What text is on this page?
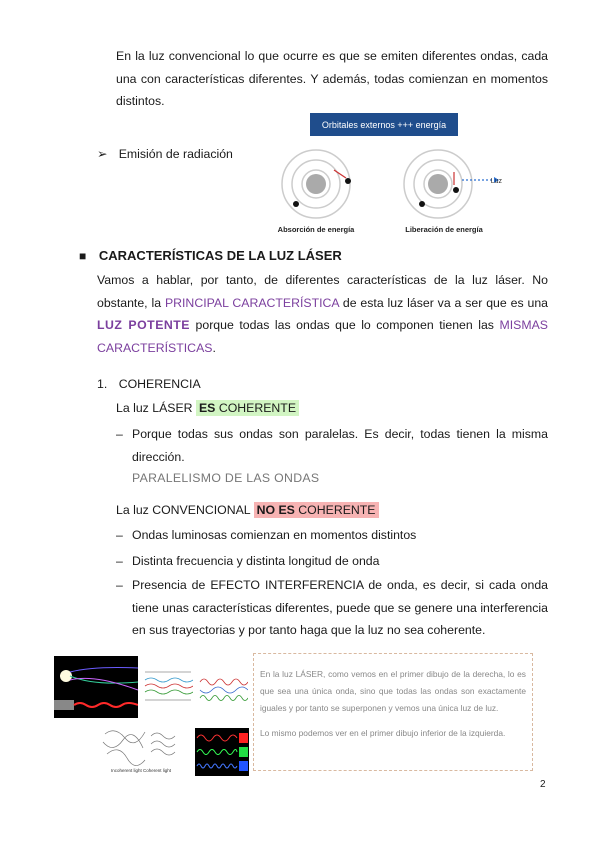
En la luz convencional lo que ocurre es que se emiten diferentes ondas, cada una con características diferentes. Y además, todas comienzan en momentos distintos.
➢ Emisión de radiación
Orbitales externos +++ energía
Luz
Absorción de energía	Liberación de energía
■ CARACTERÍSTICAS DE LA LUZ LÁSER
Vamos a hablar, por tanto, de diferentes características de la luz láser. No obstante, la PRINCIPAL CARACTERÍSTICA de esta luz láser va a ser que es una LUZ POTENTE porque todas las ondas que lo componen tienen las MISMAS CARACTERÍSTICAS.
1. COHERENCIA
La luz LÁSER ES COHERENTE
– Porque todas sus ondas son paralelas. Es decir, todas tienen la misma dirección.
PARALELISMO DE LAS ONDAS
La luz CONVENCIONAL NO ES COHERENTE
– Ondas luminosas comienzan en momentos distintos
– Distinta frecuencia y distinta longitud de onda
– Presencia de EFECTO INTERFERENCIA de onda, es decir, si cada onda tiene unas características diferentes, puede que se genere una interferencia en sus trayectorias y por tanto haga que la luz no sea coherente.
Incoherent light Coherent light
En la luz LÁSER, como vemos en el primer dibujo de la derecha, lo es que sea una única onda, sino que todas las ondas son exactamente iguales y por tanto se superponen y vemos una única luz de luz.
Lo mismo podemos ver en el primer dibujo inferior de la izquierda.
2
